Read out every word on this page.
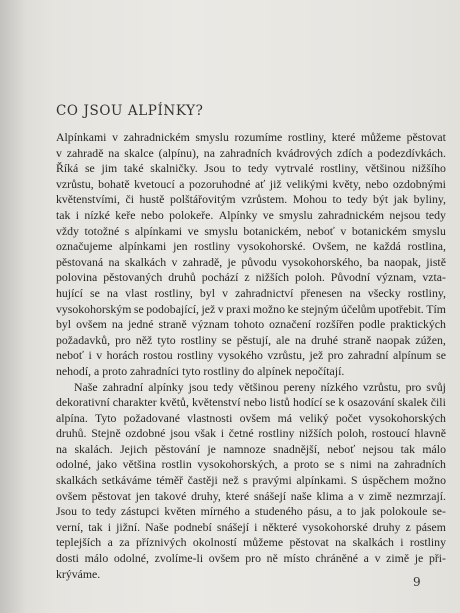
CO JSOU ALPÍNKY?
Alpínkami v zahradnickém smyslu rozumíme rostliny, které můžeme pěstovat
v zahradě na skalce (alpínu), na zahradních kvádrových zdích a podezdívkách.
Říká se jim také skalničky. Jsou to tedy vytrvalé rostliny, většinou nižšího
vzrůstu, bohatě kvetoucí a pozoruhodné ať již velikými květy, nebo ozdobnými
květenstvími, či hustě polštářovitým vzrůstem. Mohou to tedy být jak byliny,
tak i nízké keře nebo polokeře. Alpínky ve smyslu zahradnickém nejsou tedy
vždy totožné s alpínkami ve smyslu botanickém, neboť v botanickém smyslu
označujeme alpínkami jen rostliny vysokohorské. Ovšem, ne každá rostlina,
pěstovaná na skalkách v zahradě, je původu vysokohorského, ba naopak, jistě
polovina pěstovaných druhů pochází z nižších poloh. Původní význam, vzta-
hující se na vlast rostliny, byl v zahradnictví přenesen na všecky rostliny,
vysokohorským se podobající, jež v praxi možno ke stejným účelům upotřebit. Tím
byl ovšem na jedné straně význam tohoto označení rozšířen podle praktických
požadavků, pro něž tyto rostliny se pěstují, ale na druhé straně naopak zúžen,
neboť i v horách rostou rostliny vysokého vzrůstu, jež pro zahradní alpínum se
nehodí, a proto zahradníci tyto rostliny do alpínek nepočítají.
Naše zahradní alpínky jsou tedy většinou pereny nízkého vzrůstu, pro svůj
dekorativní charakter květů, květenství nebo listů hodící se k osazování skalek čili
alpína. Tyto požadované vlastnosti ovšem má veliký počet vysokohorských
druhů. Stejně ozdobné jsou však i četné rostliny nižších poloh, rostoucí hlavně
na skalách. Jejich pěstování je namnoze snadnější, neboť nejsou tak málo
odolné, jako většina rostlin vysokohorských, a proto se s nimi na zahradních
skalkách setkáváme téměř častěji než s pravými alpínkami. S úspěchem možno
ovšem pěstovat jen takové druhy, které snášejí naše klima a v zimě nezmrzají.
Jsou to tedy zástupci květen mírného a studeného pásu, a to jak polokoule se-
verní, tak i jižní. Naše podnebí snášejí i některé vysokohorské druhy z pásem
teplejších a za příznivých okolností můžeme pěstovat na skalkách i rostliny
dosti málo odolné, zvolíme-li ovšem pro ně místo chráněné a v zimě je při-
krýváme.
9
